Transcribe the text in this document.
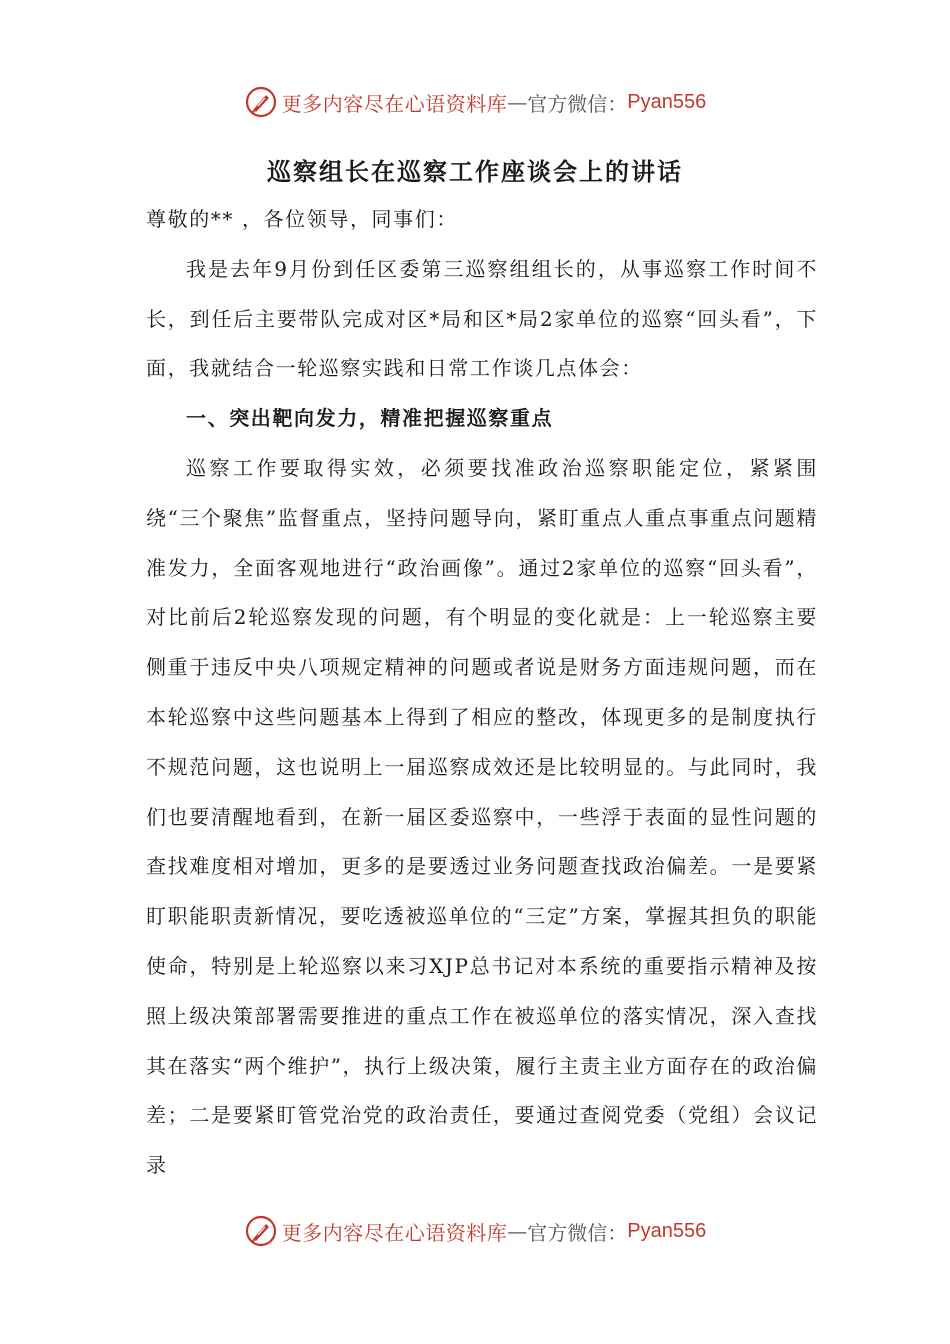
更多内容尽在心语资料库 — 官方微信： Pyan556
巡察组长在巡察工作座谈会上的讲话

尊敬的** ，各位领导，同事们：

我是去年9月份到任区委第三巡察组组长的，从事巡察工作时间不长，到任后主要带队完成对区*局和区*局2家单位的巡察“回头看”，下面，我就结合一轮巡察实践和日常工作谈几点体会：

一、突出靶向发力，精准把握巡察重点

巡察工作要取得实效，必须要找准政治巡察职能定位，紧紧围绕“三个聚焦”监督重点，坚持问题导向，紧盯重点人重点事重点问题精准发力，全面客观地进行“政治画像”。通过2家单位的巡察“回头看”，对比前后2轮巡察发现的问题，有个明显的变化就是：上一轮巡察主要侧重于违反中央八项规定精神的问题或者说是财务方面违规问题，而在本轮巡察中这些问题基本上得到了相应的整改，体现更多的是制度执行不规范问题，这也说明上一届巡察成效还是比较明显的。与此同时，我们也要清醒地看到，在新一届区委巡察中，一些浮于表面的显性问题的查找难度相对增加，更多的是要透过业务问题查找政治偏差。一是要紧盯职能职责新情况，要吃透被巡单位的“三定”方案，掌握其担负的职能使命，特别是上轮巡察以来习XJP总书记对本系统的重要指示精神及按照上级决策部署需要推进的重点工作在被巡单位的落实情况，深入查找其在落实“两个维护”，执行上级决策，履行主责主业方面存在的政治偏差；二是要紧盯管党治党的政治责任，要通过查阅党委（党组）会议记录

更多内容尽在心语资料库 — 官方微信： Pyan556
